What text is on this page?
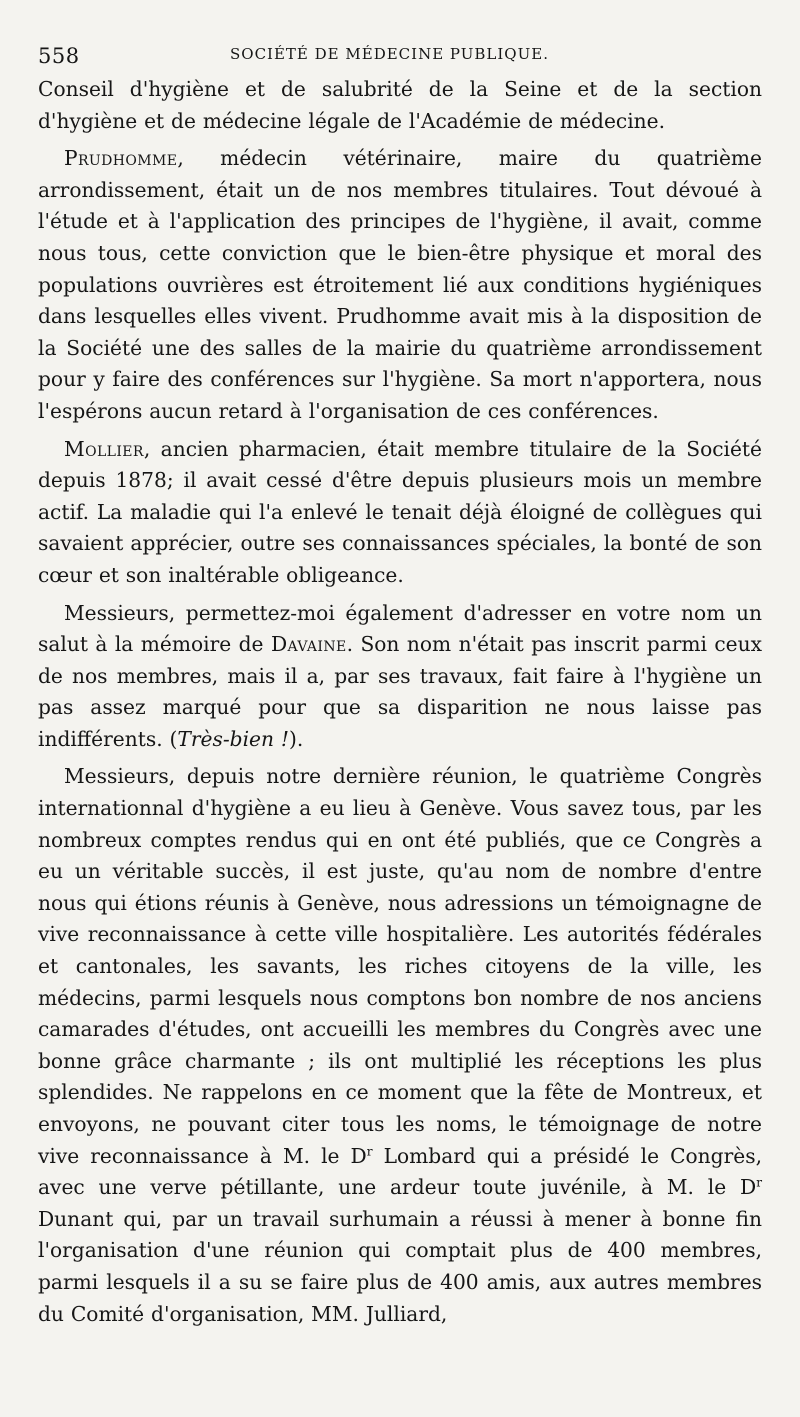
558	SOCIÉTÉ DE MÉDECINE PUBLIQUE.

Conseil d'hygiène et de salubrité de la Seine et de la section d'hygiène et de médecine légale de l'Académie de médecine.

Prudhomme, médecin vétérinaire, maire du quatrième arrondissement, était un de nos membres titulaires. Tout dévoué à l'étude et à l'application des principes de l'hygiène, il avait, comme nous tous, cette conviction que le bien-être physique et moral des populations ouvrières est étroitement lié aux conditions hygiéniques dans lesquelles elles vivent. Prudhomme avait mis à la disposition de la Société une des salles de la mairie du quatrième arrondissement pour y faire des conférences sur l'hygiène. Sa mort n'apportera, nous l'espérons aucun retard à l'organisation de ces conférences.

Mollier, ancien pharmacien, était membre titulaire de la Société depuis 1878; il avait cessé d'être depuis plusieurs mois un membre actif. La maladie qui l'a enlevé le tenait déjà éloigné de collègues qui savaient apprécier, outre ses connaissances spéciales, la bonté de son cœur et son inaltérable obligeance.

Messieurs, permettez-moi également d'adresser en votre nom un salut à la mémoire de Davaine. Son nom n'était pas inscrit parmi ceux de nos membres, mais il a, par ses travaux, fait faire à l'hygiène un pas assez marqué pour que sa disparition ne nous laisse pas indifférents. (Très-bien !).

Messieurs, depuis notre dernière réunion, le quatrième Congrès internationnal d'hygiène a eu lieu à Genève. Vous savez tous, par les nombreux comptes rendus qui en ont été publiés, que ce Congrès a eu un véritable succès, il est juste, qu'au nom de nombre d'entre nous qui étions réunis à Genève, nous adressions un témoignagne de vive reconnaissance à cette ville hospitalière. Les autorités fédérales et cantonales, les savants, les riches citoyens de la ville, les médecins, parmi lesquels nous comptons bon nombre de nos anciens camarades d'études, ont accueilli les membres du Congrès avec une bonne grâce charmante ; ils ont multiplié les réceptions les plus splendides. Ne rappelons en ce moment que la fête de Montreux, et envoyons, ne pouvant citer tous les noms, le témoignage de notre vive reconnaissance à M. le $D^r$ Lombard qui a présidé le Congrès, avec une verve pétillante, une ardeur toute juvénile, à M. le $D^r$ Dunant qui, par un travail surhumain a réussi à mener à bonne fin l'organisation d'une réunion qui comptait plus de 400 membres, parmi lesquels il a su se faire plus de 400 amis, aux autres membres du Comité d'organisation, MM. Julliard,
